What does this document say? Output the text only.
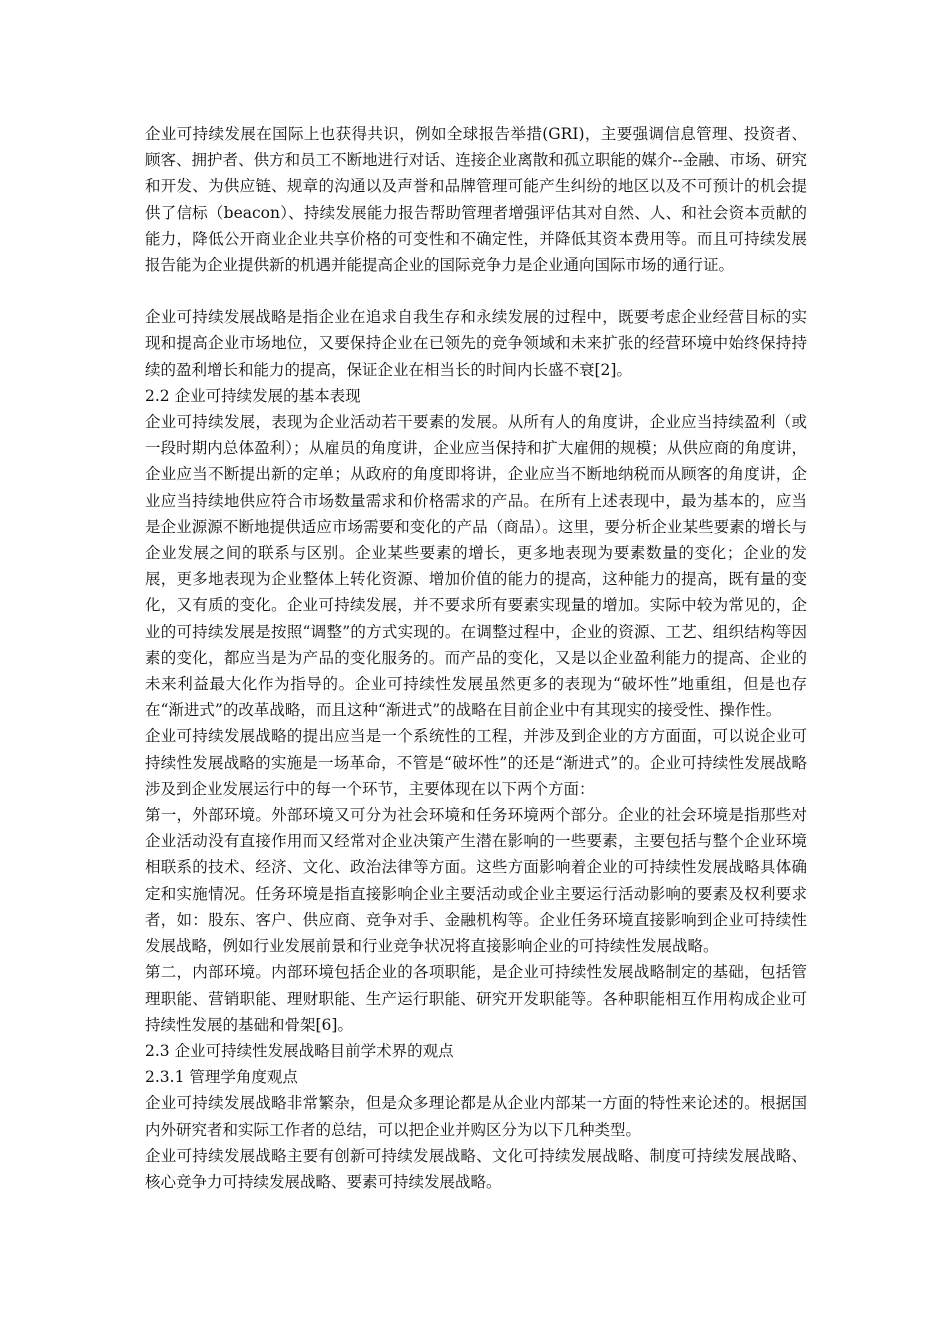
企业可持续发展在国际上也获得共识，例如全球报告举措(GRI)，主要强调信息管理、投资者、顾客、拥护者、供方和员工不断地进行对话、连接企业离散和孤立职能的媒介--金融、市场、研究和开发、为供应链、规章的沟通以及声誉和品牌管理可能产生纠纷的地区以及不可预计的机会提供了信标（beacon）、持续发展能力报告帮助管理者增强评估其对自然、人、和社会资本贡献的能力，降低公开商业企业共享价格的可变性和不确定性，并降低其资本费用等。而且可持续发展报告能为企业提供新的机遇并能提高企业的国际竞争力是企业通向国际市场的通行证。

企业可持续发展战略是指企业在追求自我生存和永续发展的过程中，既要考虑企业经营目标的实现和提高企业市场地位，又要保持企业在已领先的竞争领域和未来扩张的经营环境中始终保持持续的盈利增长和能力的提高，保证企业在相当长的时间内长盛不衰[2]。

2.2 企业可持续发展的基本表现

企业可持续发展，表现为企业活动若干要素的发展。从所有人的角度讲，企业应当持续盈利（或一段时期内总体盈利）；从雇员的角度讲，企业应当保持和扩大雇佣的规模；从供应商的角度讲，企业应当不断提出新的定单；从政府的角度即将讲，企业应当不断地纳税而从顾客的角度讲，企业应当持续地供应符合市场数量需求和价格需求的产品。在所有上述表现中，最为基本的，应当是企业源源不断地提供适应市场需要和变化的产品（商品）。这里，要分析企业某些要素的增长与企业发展之间的联系与区别。企业某些要素的增长，更多地表现为要素数量的变化；企业的发展，更多地表现为企业整体上转化资源、增加价值的能力的提高，这种能力的提高，既有量的变化，又有质的变化。企业可持续发展，并不要求所有要素实现量的增加。实际中较为常见的，企业的可持续发展是按照“调整”的方式实现的。在调整过程中，企业的资源、工艺、组织结构等因素的变化，都应当是为产品的变化服务的。而产品的变化，又是以企业盈利能力的提高、企业的未来利益最大化作为指导的。企业可持续性发展虽然更多的表现为“破坏性”地重组，但是也存在“渐进式”的改革战略，而且这种“渐进式”的战略在目前企业中有其现实的接受性、操作性。

企业可持续发展战略的提出应当是一个系统性的工程，并涉及到企业的方方面面，可以说企业可持续性发展战略的实施是一场革命，不管是“破坏性”的还是“渐进式”的。企业可持续性发展战略涉及到企业发展运行中的每一个环节，主要体现在以下两个方面：

第一，外部环境。外部环境又可分为社会环境和任务环境两个部分。企业的社会环境是指那些对企业活动没有直接作用而又经常对企业决策产生潜在影响的一些要素，主要包括与整个企业环境相联系的技术、经济、文化、政治法律等方面。这些方面影响着企业的可持续性发展战略具体确定和实施情况。任务环境是指直接影响企业主要活动或企业主要运行活动影响的要素及权利要求者，如：股东、客户、供应商、竞争对手、金融机构等。企业任务环境直接影响到企业可持续性发展战略，例如行业发展前景和行业竞争状况将直接影响企业的可持续性发展战略。

第二，内部环境。内部环境包括企业的各项职能，是企业可持续性发展战略制定的基础，包括管理职能、营销职能、理财职能、生产运行职能、研究开发职能等。各种职能相互作用构成企业可持续性发展的基础和骨架[6]。

2.3 企业可持续性发展战略目前学术界的观点

2.3.1 管理学角度观点

企业可持续发展战略非常繁杂，但是众多理论都是从企业内部某一方面的特性来论述的。根据国内外研究者和实际工作者的总结，可以把企业并购区分为以下几种类型。

企业可持续发展战略主要有创新可持续发展战略、文化可持续发展战略、制度可持续发展战略、核心竞争力可持续发展战略、要素可持续发展战略。
